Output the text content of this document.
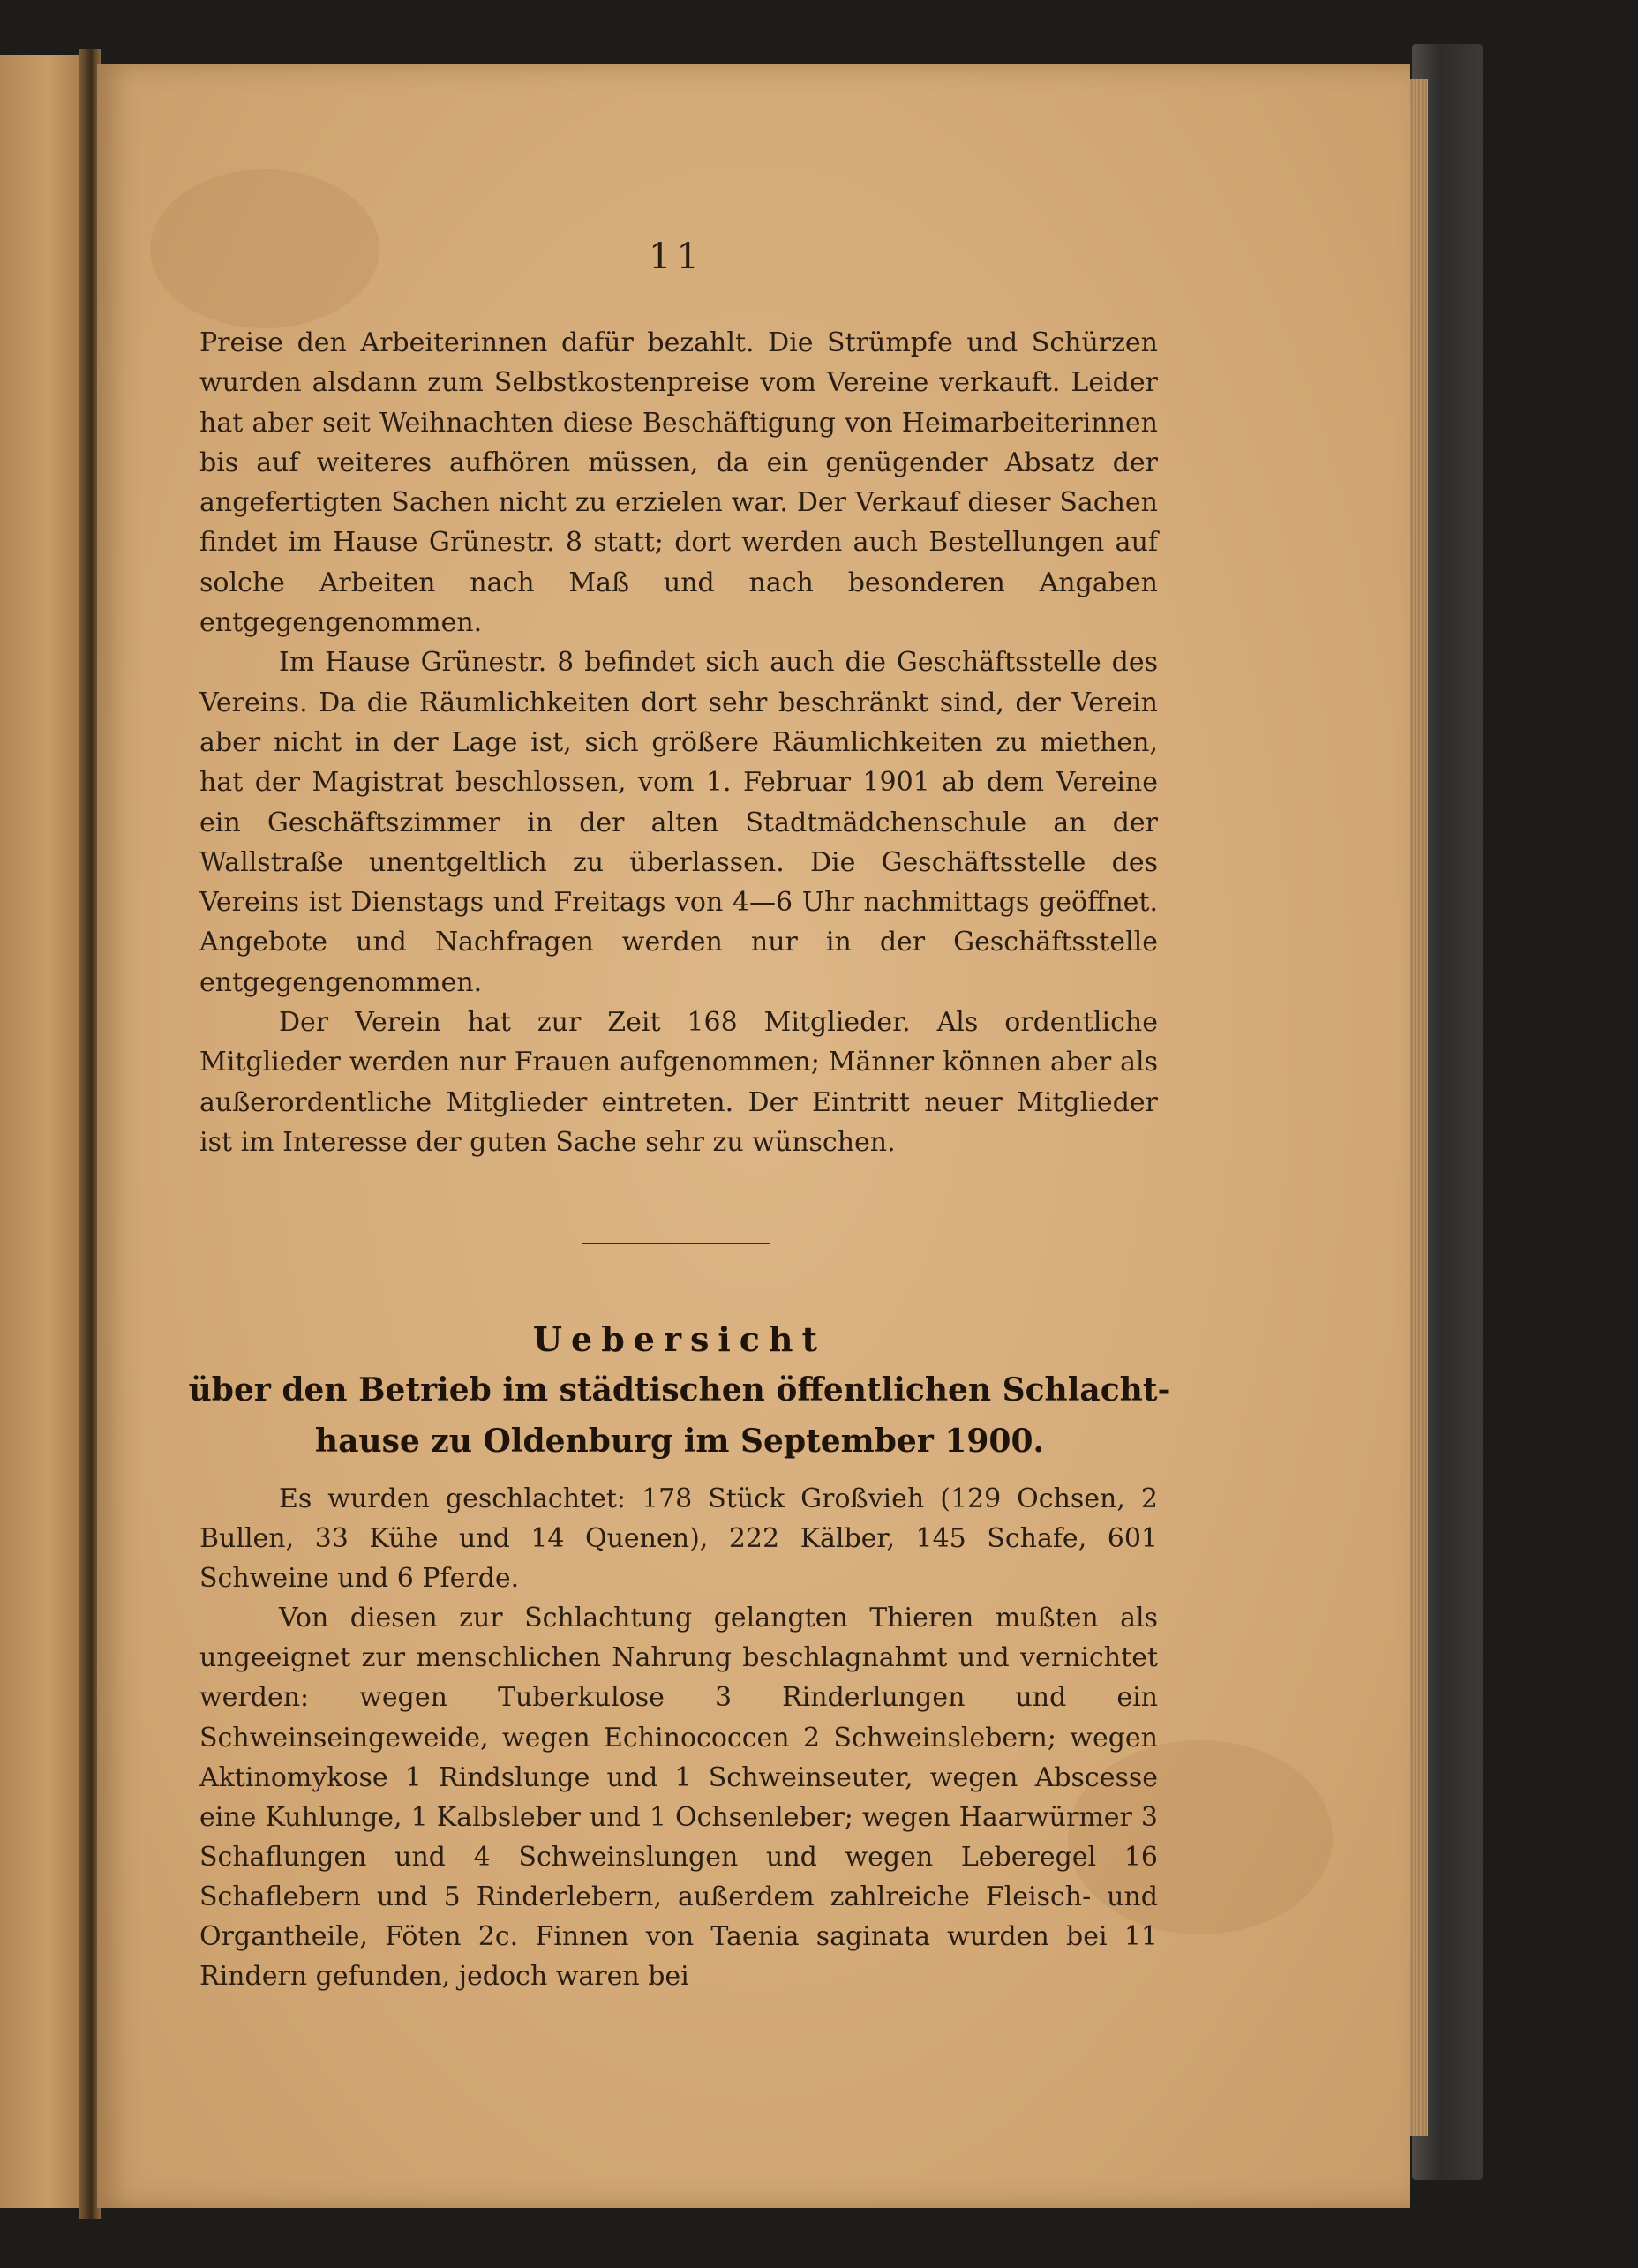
11

Preise den Arbeiterinnen dafür bezahlt. Die Strümpfe und Schürzen wurden alsdann zum Selbstkostenpreise vom Vereine verkauft. Leider hat aber seit Weihnachten diese Beschäftigung von Heimarbeiterinnen bis auf weiteres aufhören müssen, da ein genügender Absatz der angefertigten Sachen nicht zu erzielen war. Der Verkauf dieser Sachen findet im Hause Grünestr. 8 statt; dort werden auch Bestellungen auf solche Arbeiten nach Maß und nach besonderen Angaben entgegengenommen.

Im Hause Grünestr. 8 befindet sich auch die Geschäftsstelle des Vereins. Da die Räumlichkeiten dort sehr beschränkt sind, der Verein aber nicht in der Lage ist, sich größere Räumlichkeiten zu miethen, hat der Magistrat beschlossen, vom 1. Februar 1901 ab dem Vereine ein Geschäftszimmer in der alten Stadtmädchenschule an der Wallstraße unentgeltlich zu überlassen. Die Geschäftsstelle des Vereins ist Dienstags und Freitags von 4—6 Uhr nachmittags geöffnet. Angebote und Nachfragen werden nur in der Geschäftsstelle entgegengenommen.

Der Verein hat zur Zeit 168 Mitglieder. Als ordentliche Mitglieder werden nur Frauen aufgenommen; Männer können aber als außerordentliche Mitglieder eintreten. Der Eintritt neuer Mitglieder ist im Interesse der guten Sache sehr zu wünschen.

Uebersicht
über den Betrieb im städtischen öffentlichen Schlacht-
hause zu Oldenburg im September 1900.

Es wurden geschlachtet: 178 Stück Großvieh (129 Ochsen, 2 Bullen, 33 Kühe und 14 Quenen), 222 Kälber, 145 Schafe, 601 Schweine und 6 Pferde.

Von diesen zur Schlachtung gelangten Thieren mußten als ungeeignet zur menschlichen Nahrung beschlagnahmt und vernichtet werden: wegen Tuberkulose 3 Rinderlungen und ein Schweinseingeweide, wegen Echinococcen 2 Schweinslebern; wegen Aktinomykose 1 Rindslunge und 1 Schweinseuter, wegen Abscesse eine Kuhlunge, 1 Kalbsleber und 1 Ochsenleber; wegen Haarwürmer 3 Schaflungen und 4 Schweinslungen und wegen Leberegel 16 Schaflebern und 5 Rinderlebern, außerdem zahlreiche Fleisch- und Organtheile, Föten 2c. Finnen von Taenia saginata wurden bei 11 Rindern gefunden, jedoch waren bei
